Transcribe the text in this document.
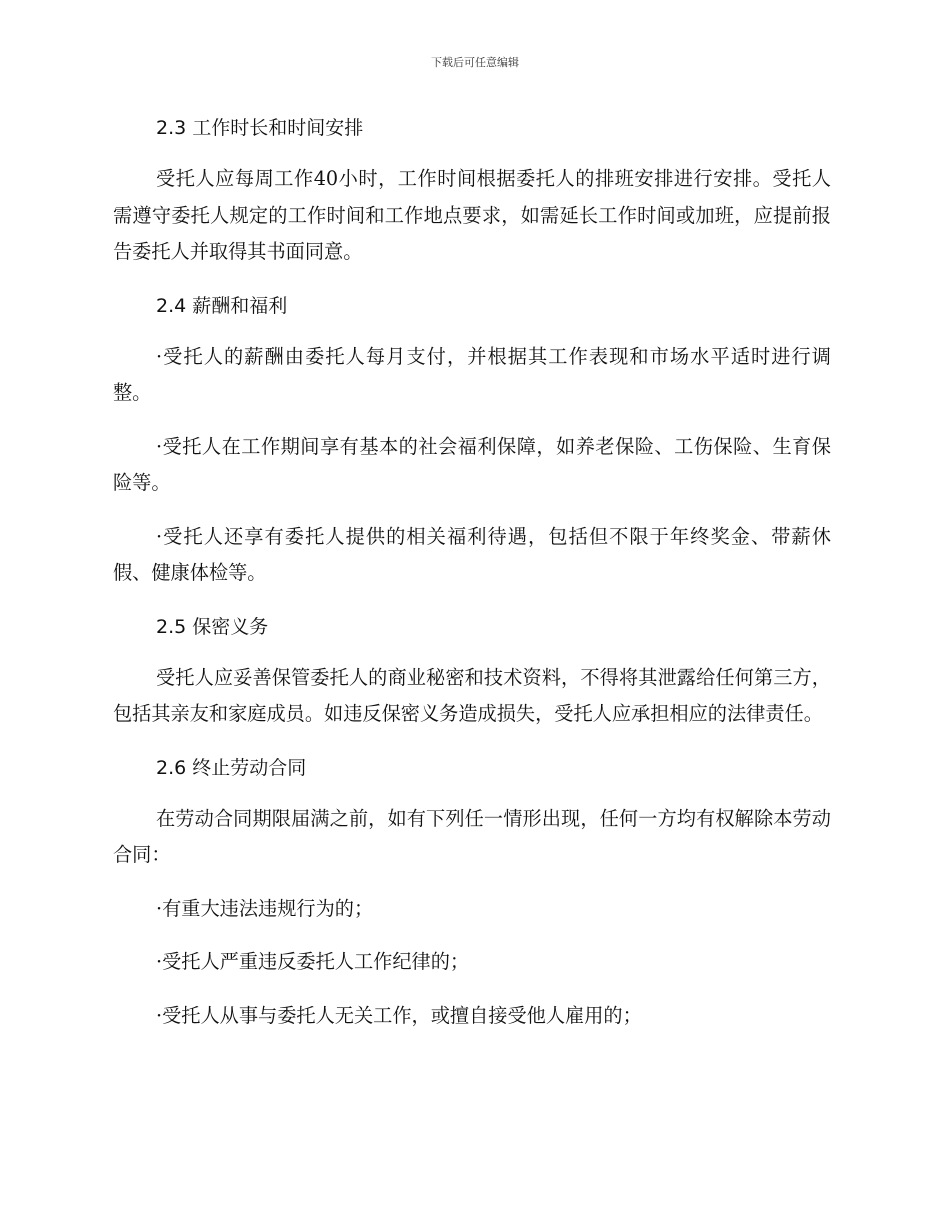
下载后可任意编辑
2.3 工作时长和时间安排

受托人应每周工作40小时，工作时间根据委托人的排班安排进行安排。受托人需遵守委托人规定的工作时间和工作地点要求，如需延长工作时间或加班，应提前报告委托人并取得其书面同意。

2.4 薪酬和福利

·受托人的薪酬由委托人每月支付，并根据其工作表现和市场水平适时进行调整。

·受托人在工作期间享有基本的社会福利保障，如养老保险、工伤保险、生育保险等。

·受托人还享有委托人提供的相关福利待遇，包括但不限于年终奖金、带薪休假、健康体检等。

2.5 保密义务

受托人应妥善保管委托人的商业秘密和技术资料，不得将其泄露给任何第三方，包括其亲友和家庭成员。如违反保密义务造成损失，受托人应承担相应的法律责任。

2.6 终止劳动合同

在劳动合同期限届满之前，如有下列任一情形出现，任何一方均有权解除本劳动合同：

·有重大违法违规行为的；

·受托人严重违反委托人工作纪律的；

·受托人从事与委托人无关工作，或擅自接受他人雇用的；
